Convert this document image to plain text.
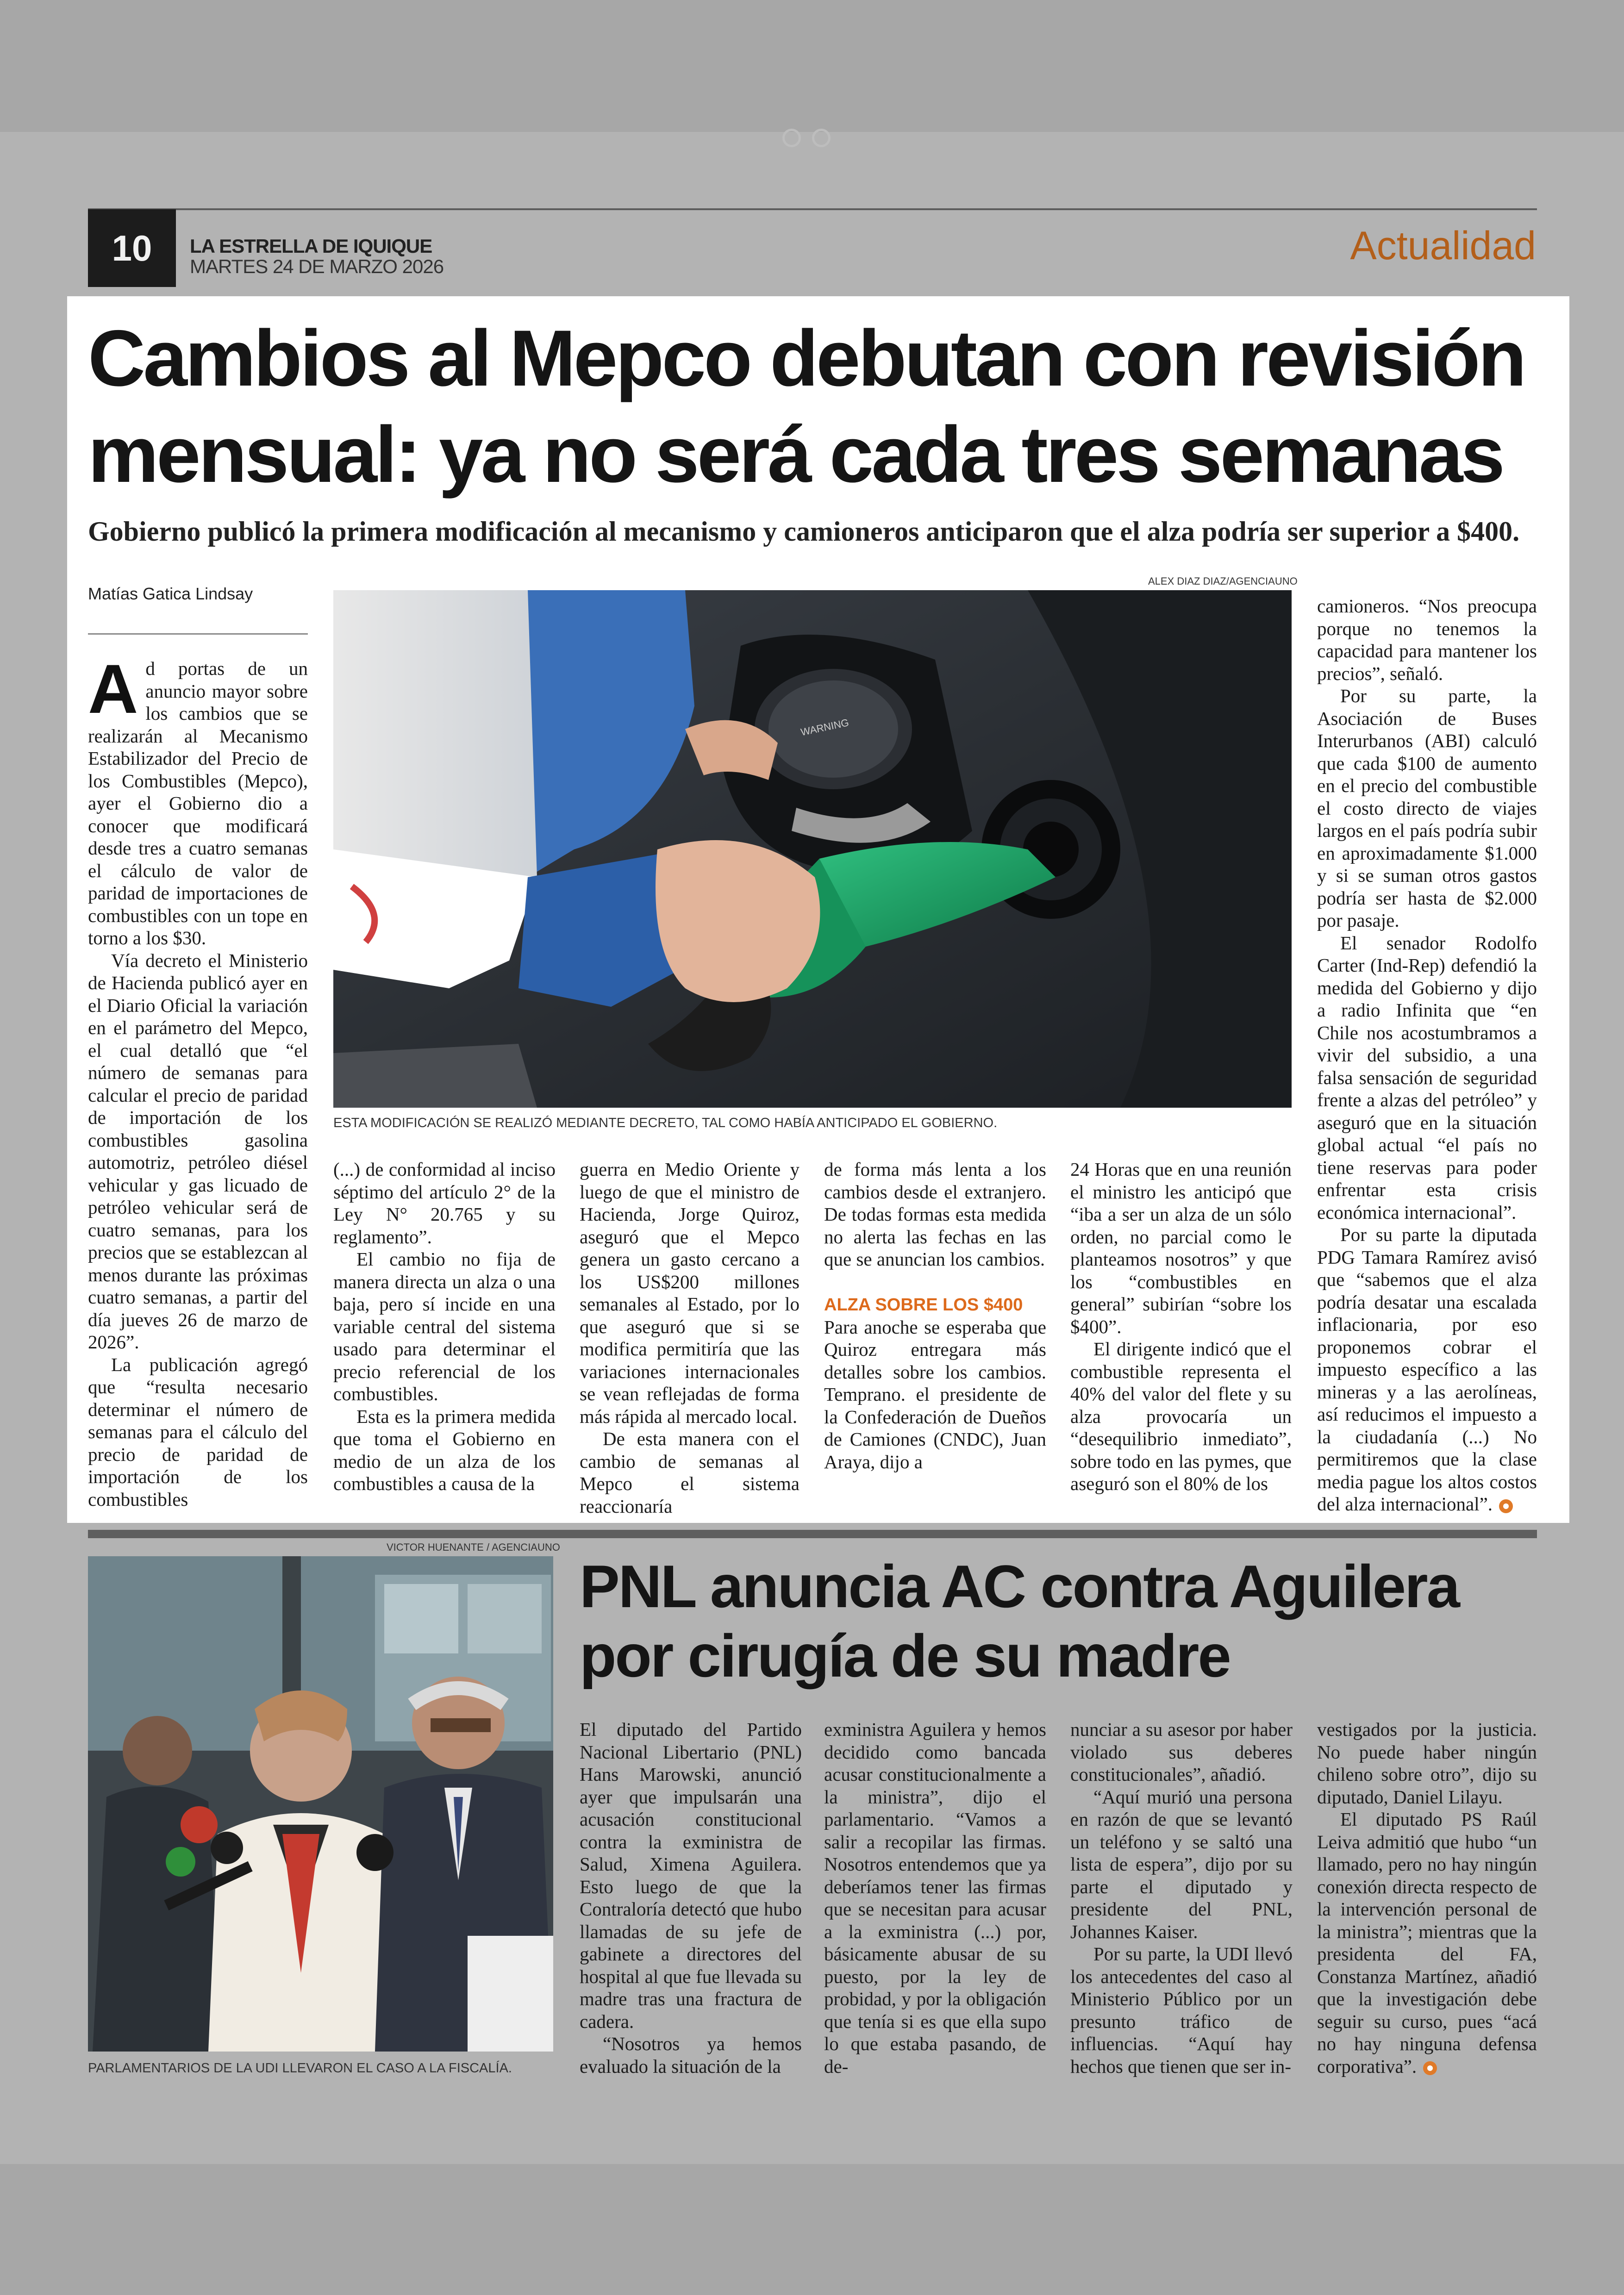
10	LA ESTRELLA DE IQUIQUE
MARTES 24 DE MARZO 2026	Actualidad
Cambios al Mepco debutan con revisión
mensual: ya no será cada tres semanas
Gobierno publicó la primera modificación al mecanismo y camioneros anticiparon que el alza podría ser superior a $400.
Matías Gatica Lindsay

Ad portas de un anuncio mayor sobre los cambios que se realizarán al Mecanismo Estabilizador del Precio de los Combustibles (Mepco), ayer el Gobierno dio a conocer que modificará desde tres a cuatro semanas el cálculo de valor de paridad de importaciones de combustibles con un tope en torno a los $30.

Vía decreto el Ministerio de Hacienda publicó ayer en el Diario Oficial la variación en el parámetro del Mepco, el cual detalló que “el número de semanas para calcular el precio de paridad de importación de los combustibles gasolina automotriz, petróleo diésel vehicular y gas licuado de petróleo vehicular será de cuatro semanas, para los precios que se establezcan al menos durante las próximas cuatro semanas, a partir del día jueves 26 de marzo de 2026”.

La publicación agregó que “resulta necesario determinar el número de semanas para el cálculo del precio de paridad de importación de los combustibles

ALEX DIAZ DIAZ/AGENCIAUNO
WARNING
ESTA MODIFICACIÓN SE REALIZÓ MEDIANTE DECRETO, TAL COMO HABÍA ANTICIPADO EL GOBIERNO.

(...) de conformidad al inciso séptimo del artículo 2° de la Ley N° 20.765 y su reglamento”.

El cambio no fija de manera directa un alza o una baja, pero sí incide en una variable central del sistema usado para determinar el precio referencial de los combustibles.

Esta es la primera medida que toma el Gobierno en medio de un alza de los combustibles a causa de la

guerra en Medio Oriente y luego de que el ministro de Hacienda, Jorge Quiroz, aseguró que el Mepco genera un gasto cercano a los US$200 millones semanales al Estado, por lo que aseguró que si se modifica permitiría que las variaciones internacionales se vean reflejadas de forma más rápida al mercado local.

De esta manera con el cambio de semanas al Mepco el sistema reaccionaría

de forma más lenta a los cambios desde el extranjero. De todas formas esta medida no alerta las fechas en las que se anuncian los cambios.

ALZA SOBRE LOS $400

Para anoche se esperaba que Quiroz entregara más detalles sobre los cambios. Temprano. el presidente de la Confederación de Dueños de Camiones (CNDC), Juan Araya, dijo a

24 Horas que en una reunión el ministro les anticipó que “iba a ser un alza de un sólo orden, no parcial como le planteamos nosotros” y que los “combustibles en general” subirían “sobre los $400”.

El dirigente indicó que el combustible representa el 40% del valor del flete y su alza provocaría un “desequilibrio inmediato”, sobre todo en las pymes, que aseguró son el 80% de los

camioneros. “Nos preocupa porque no tenemos la capacidad para mantener los precios”, señaló.

Por su parte, la Asociación de Buses Interurbanos (ABI) calculó que cada $100 de aumento en el precio del combustible el costo directo de viajes largos en el país podría subir en aproximadamente $1.000 y si se suman otros gastos podría ser hasta de $2.000 por pasaje.

El senador Rodolfo Carter (Ind-Rep) defendió la medida del Gobierno y dijo a radio Infinita que “en Chile nos acostumbramos a vivir del subsidio, a una falsa sensación de seguridad frente a alzas del petróleo” y aseguró que en la situación global actual “el país no tiene reservas para poder enfrentar esta crisis económica internacional”.

Por su parte la diputada PDG Tamara Ramírez avisó que “sabemos que el alza podría desatar una escalada inflacionaria, por eso proponemos cobrar el impuesto específico a las mineras y a las aerolíneas, así reducimos el impuesto a la ciudadanía (...) No permitiremos que la clase media pague los altos costos del alza internacional”.

VICTOR HUENANTE / AGENCIAUNO
PARLAMENTARIOS DE LA UDI LLEVARON EL CASO A LA FISCALÍA.
PNL anuncia AC contra Aguilera
por cirugía de su madre

El diputado del Partido Nacional Libertario (PNL) Hans Marowski, anunció ayer que impulsarán una acusación constitucional contra la exministra de Salud, Ximena Aguilera. Esto luego de que la Contraloría detectó que hubo llamadas de su jefe de gabinete a directores del hospital al que fue llevada su madre tras una fractura de cadera.

“Nosotros ya hemos evaluado la situación de la

exministra Aguilera y hemos decidido como bancada acusar constitucionalmente a la ministra”, dijo el parlamentario. “Vamos a salir a recopilar las firmas. Nosotros entendemos que ya deberíamos tener las firmas que se necesitan para acusar a la exministra (...) por, básicamente abusar de su puesto, por la ley de probidad, y por la obligación que tenía si es que ella supo lo que estaba pasando, de de-

nunciar a su asesor por haber violado sus deberes constitucionales”, añadió.

“Aquí murió una persona en razón de que se levantó un teléfono y se saltó una lista de espera”, dijo por su parte el diputado y presidente del PNL, Johannes Kaiser.

Por su parte, la UDI llevó los antecedentes del caso al Ministerio Público por un presunto tráfico de influencias. “Aquí hay hechos que tienen que ser in-

vestigados por la justicia. No puede haber ningún chileno sobre otro”, dijo su diputado, Daniel Lilayu.

El diputado PS Raúl Leiva admitió que hubo “un llamado, pero no hay ningún conexión directa respecto de la intervención personal de la ministra”; mientras que la presidenta del FA, Constanza Martínez, añadió que la investigación debe seguir su curso, pues “acá no hay ninguna defensa corporativa”.
